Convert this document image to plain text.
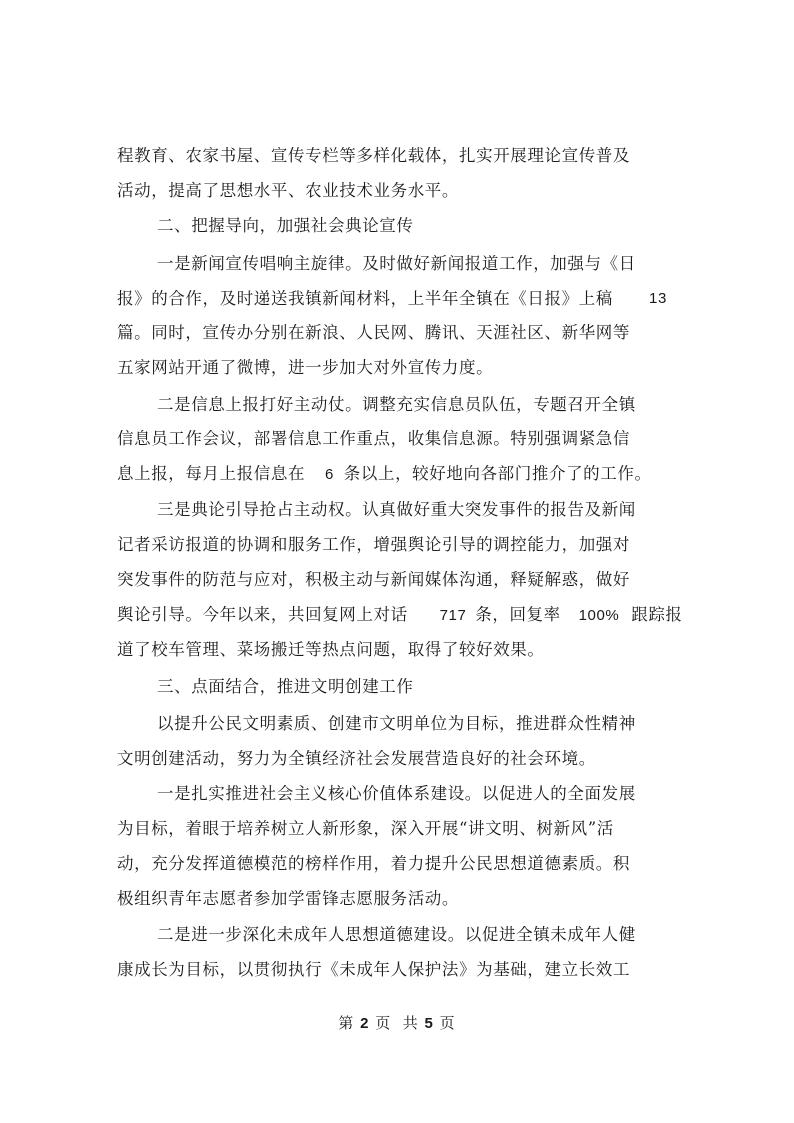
程教育、农家书屋、宣传专栏等多样化载体，扎实开展理论宣传普及
活动，提高了思想水平、农业技术业务水平。
二、把握导向，加强社会典论宣传
一是新闻宣传唱响主旋律。及时做好新闻报道工作，加强与《日
报》的合作，及时递送我镇新闻材料，上半年全镇在《日报》上稿 13
篇。同时，宣传办分别在新浪、人民网、腾讯、天涯社区、新华网等
五家网站开通了微博，进一步加大对外宣传力度。
二是信息上报打好主动仗。调整充实信息员队伍，专题召开全镇
信息员工作会议，部署信息工作重点，收集信息源。特别强调紧急信
息上报，每月上报信息在 6 条以上，较好地向各部门推介了的工作。
三是典论引导抢占主动权。认真做好重大突发事件的报告及新闻
记者采访报道的协调和服务工作，增强舆论引导的调控能力，加强对
突发事件的防范与应对，积极主动与新闻媒体沟通，释疑解惑，做好
舆论引导。今年以来，共回复网上对话 717 条，回复率 100% 跟踪报
道了校车管理、菜场搬迁等热点问题，取得了较好效果。
三、点面结合，推进文明创建工作
以提升公民文明素质、创建市文明单位为目标，推进群众性精神
文明创建活动，努力为全镇经济社会发展营造良好的社会环境。
一是扎实推进社会主义核心价值体系建设。以促进人的全面发展
为目标，着眼于培养树立人新形象，深入开展“讲文明、树新风”活
动，充分发挥道德模范的榜样作用，着力提升公民思想道德素质。积
极组织青年志愿者参加学雷锋志愿服务活动。
二是进一步深化未成年人思想道德建设。以促进全镇未成年人健
康成长为目标，以贯彻执行《未成年人保护法》为基础，建立长效工
第 2 页  共 5 页
